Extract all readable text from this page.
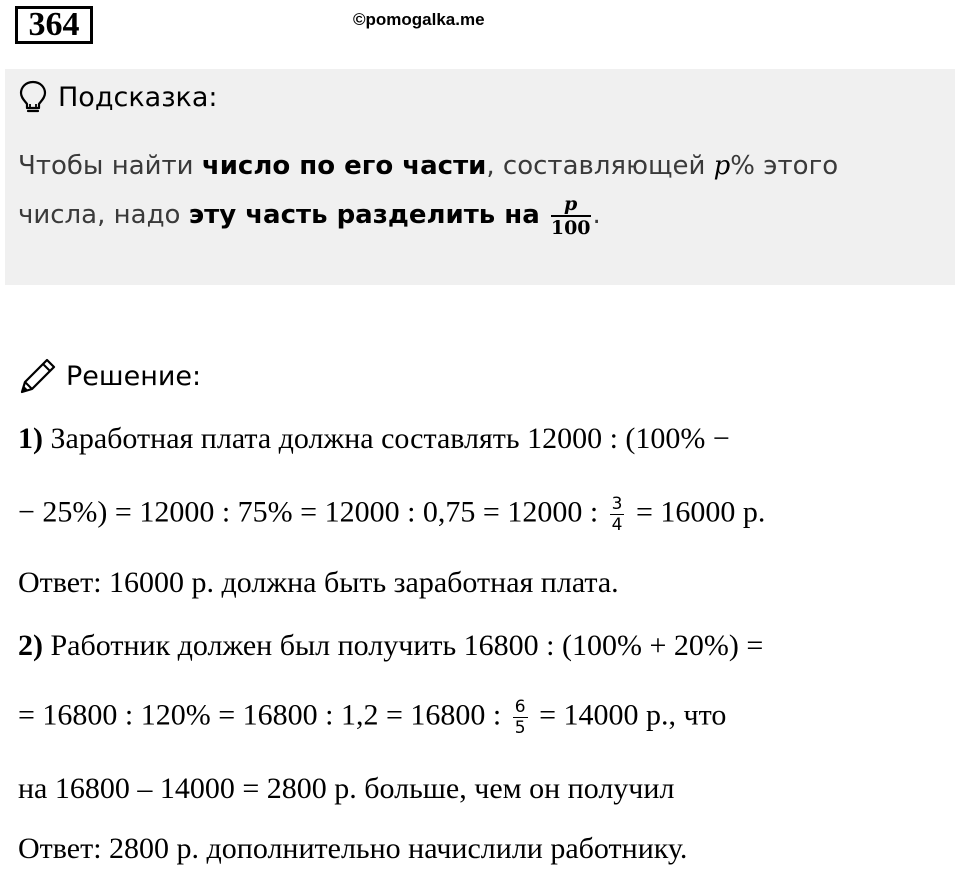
364	©pomogalka.me
Подсказка:
Чтобы найти число по его части, составляющей p% этого
числа, надо эту часть разделить на $\frac{p}{100}$ .
Решение:
1) Заработная плата должна составлять 12000 : (100% −
− 25%) = 12000 : 75% = 12000 : 0,75 = 12000 : $\frac{3}{4} = 16000$ р.
Ответ: 16000 р. должна быть заработная плата.
2) Работник должен был получить 16800 : (100% + 20%) =
= 16800 : 120% = 16800 : 1,2 = 16800 : $\frac{6}{5} = 14000$ р., что
на 16800 – 14000 = 2800 р. больше, чем он получил
Ответ: 2800 р. дополнительно начислили работнику.
